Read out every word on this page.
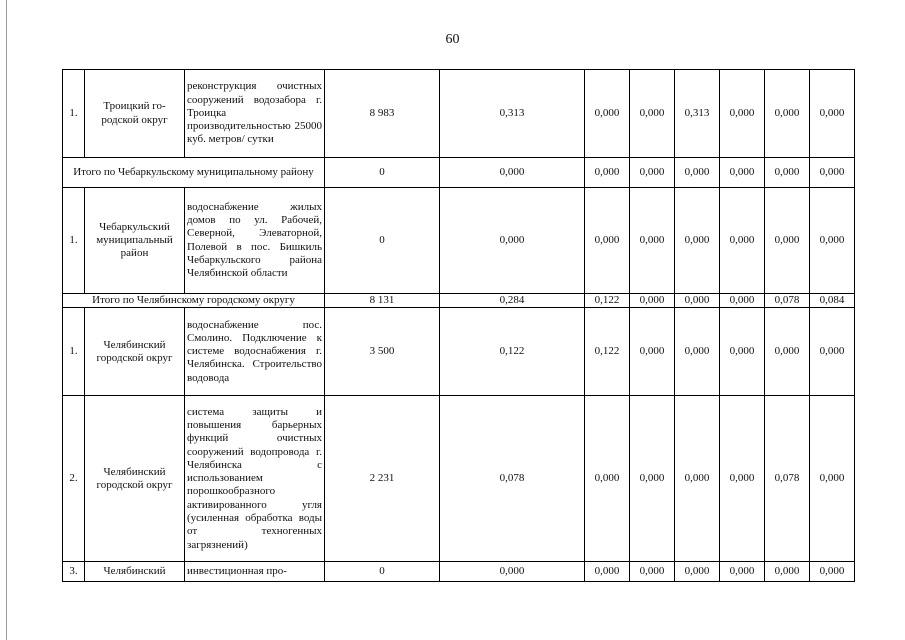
60
1.	Троицкий го-родской округ	реконструкция очистных сооружений водозабора г. Троицка производительностью 25000 куб. метров/ сутки	8 983	0,313	0,000	0,000	0,313	0,000	0,000	0,000
Итого по Чебаркульскому муниципальному району			0	0,000	0,000	0,000	0,000	0,000	0,000	0,000
1.	Чебаркульский муниципальный район	водоснабжение жилых домов по ул. Рабочей, Северной, Элеваторной, Полевой в пос. Бишкиль Чебаркульского района Челябинской области	0	0,000	0,000	0,000	0,000	0,000	0,000	0,000
Итого по Челябинскому городскому округу			8 131	0,284	0,122	0,000	0,000	0,000	0,078	0,084
1.	Челябинский городской округ	водоснабжение пос. Смолино. Подключение к системе водоснабжения г. Челябинска. Строительство водовода	3 500	0,122	0,122	0,000	0,000	0,000	0,000	0,000
2.	Челябинский городской округ	система защиты и повышения барьерных функций очистных сооружений водопровода г. Челябинска с использованием порошкообразного активированного угля (усиленная обработка воды от техногенных загрязнений)	2 231	0,078	0,000	0,000	0,000	0,000	0,078	0,000
3.	Челябинский	инвестиционная про-	0	0,000	0,000	0,000	0,000	0,000	0,000	0,000
